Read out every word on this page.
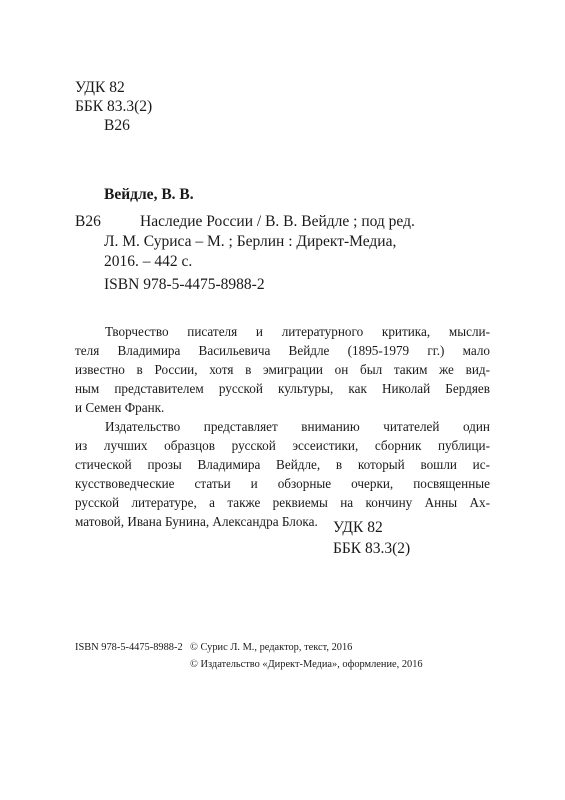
УДК 82
ББК 83.3(2)
В26
Вейдле, В. В.
В26	Наследие России / В. В. Вейдле ; под ред.
Л. М. Суриса – М. ; Берлин : Директ-Медиа,
2016. – 442 с.
ISBN 978-5-4475-8988-2
Творчество писателя и литературного критика, мысли-
теля Владимира Васильевича Вейдле (1895-1979 гг.) мало
известно в России, хотя в эмиграции он был таким же вид-
ным представителем русской культуры, как Николай Бердяев
и Семен Франк.
Издательство представляет вниманию читателей один
из лучших образцов русской эссеистики, сборник публици-
стической прозы Владимира Вейдле, в который вошли ис-
кусствоведческие статьи и обзорные очерки, посвященные
русской литературе, а также реквиемы на кончину Анны Ах-
матовой, Ивана Бунина, Александра Блока. УДК 82
ББК 83.3(2)
ISBN 978-5-4475-8988-2 © Сурис Л. М., редактор, текст, 2016
© Издательство «Директ-Медиа», оформление, 2016
